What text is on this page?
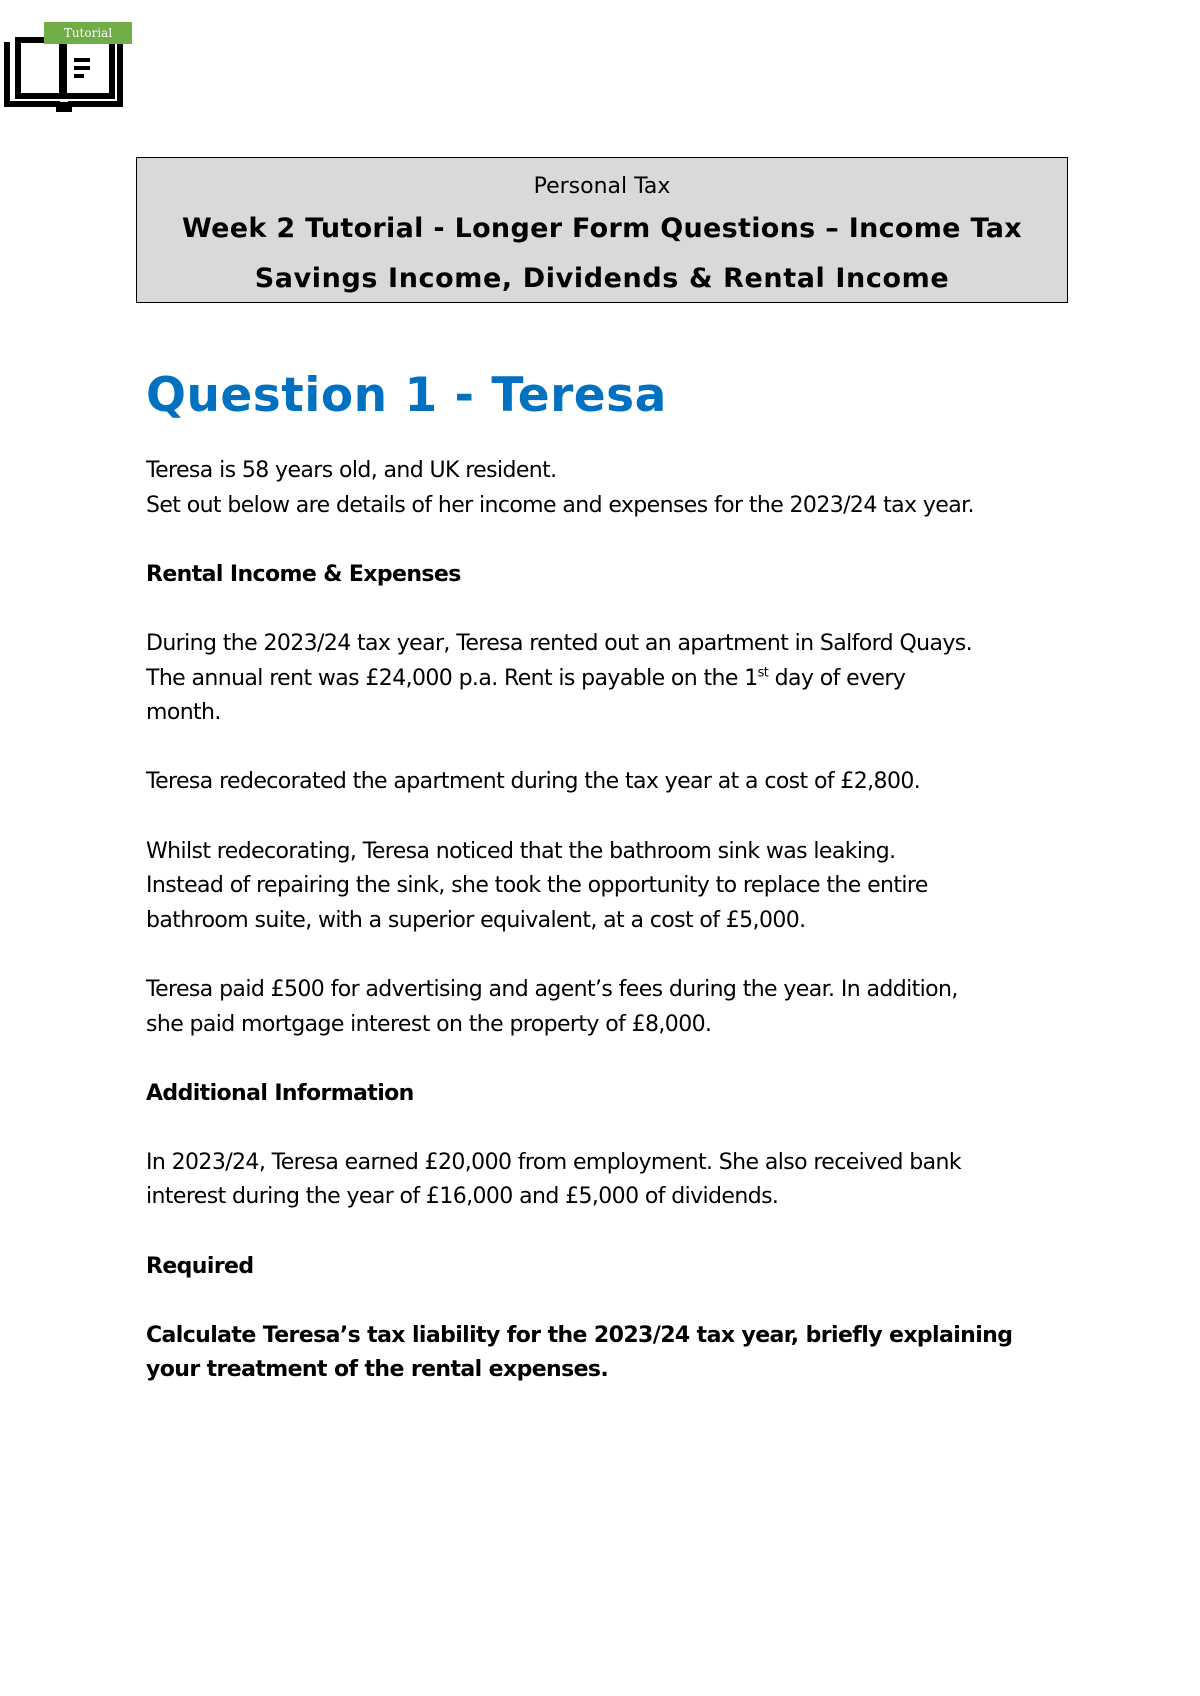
Tutorial
Personal Tax
Week 2 Tutorial - Longer Form Questions – Income Tax
Savings Income, Dividends & Rental Income
Question 1 - Teresa

Teresa is 58 years old, and UK resident.

Set out below are details of her income and expenses for the 2023/24 tax year.

Rental Income & Expenses

During the 2023/24 tax year, Teresa rented out an apartment in Salford Quays.

The annual rent was £24,000 p.a. Rent is payable on the 1st day of every

month.

Teresa redecorated the apartment during the tax year at a cost of £2,800.

Whilst redecorating, Teresa noticed that the bathroom sink was leaking.

Instead of repairing the sink, she took the opportunity to replace the entire

bathroom suite, with a superior equivalent, at a cost of £5,000.

Teresa paid £500 for advertising and agent’s fees during the year. In addition,

she paid mortgage interest on the property of £8,000.

Additional Information

In 2023/24, Teresa earned £20,000 from employment. She also received bank

interest during the year of £16,000 and £5,000 of dividends.

Required

Calculate Teresa’s tax liability for the 2023/24 tax year, briefly explaining

your treatment of the rental expenses.
